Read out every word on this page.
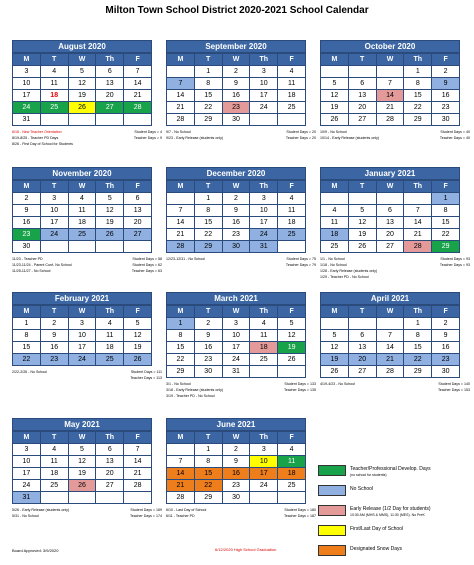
Milton Town School District 2020-2021 School Calendar
August 2020
M	T	W	Th	F
3	4	5	6	7
10	11	12	13	14
17	18	19	20	21
24	25	26	27	28
31				
8/18 - New Teacher Orientation	Student Days = 4
8/19-8/25 - Teacher PD Days	Teacher Days = 9
8/26 - First Day of School for Students
September 2020
M	T	W	Th	F
	1	2	3	4
7	8	9	10	11
14	15	16	17	18
21	22	23	24	25
28	29	30		
9/7 - No School	Student Days = 20
9/23 - Early Release (students only)	Teacher Days = 20
October 2020
M	T	W	Th	F
			1	2
5	6	7	8	9
12	13	14	15	16
19	20	21	22	23
26	27	28	29	30
10/9 - No School	Student Days = 40
10/14 - Early Release (students only)	Teacher Days = 40
November 2020
M	T	W	Th	F
2	3	4	5	6
9	10	11	12	13
16	17	18	19	20
23	24	25	26	27
30				
11/23 - Teacher PD	Student Days = 58
11/23-11/24 - Parent Conf- No School	Student Days = 62
11/25-11/27 - No School	Teacher Days = 63
December 2020
M	T	W	Th	F
	1	2	3	4
7	8	9	10	11
14	15	16	17	18
21	22	23	24	25
28	29	30	31	
12/23-12/31 - No School	Student Days = 75
Teacher Days = 79
January 2021
M	T	W	Th	F
				1
4	5	6	7	8
11	12	13	14	15
18	19	20	21	22
25	26	27	28	29
1/1 - No School	Student Days = 93
1/18 - No School	Teacher Days = 93
1/28 - Early Release (students only)
1/29 - Teacher PD - No School
February 2021
M	T	W	Th	F
1	2	3	4	5
8	9	10	11	12
15	16	17	18	19
22	23	24	25	26
2/22-2/26 - No School	Student Days = 111
Teacher Days = 113
March 2021
M	T	W	Th	F
1	2	3	4	5
8	9	10	11	12
15	16	17	18	19
22	23	24	25	26
29	30	31		
3/1 - No School	Student Days = 133
3/18 - Early Release (students only)	Teacher Days = 135
3/19 - Teacher PD - No School
April 2021
M	T	W	Th	F
			1	2
5	6	7	8	9
12	13	14	15	16
19	20	21	22	23
26	27	28	29	30
4/19-4/23 - No School	Student Days = 140
Teacher Days = 153
May 2021
M	T	W	Th	F
3	4	5	6	7
10	11	12	13	14
17	18	19	20	21
24	25	26	27	28
31				
5/26 - Early Release (students only)	Student Days = 169
5/31 - No School	Teacher Days = 174
June 2021
M	T	W	Th	F
	1	2	3	4
7	8	9	10	11
14	15	16	17	18
21	22	23	24	25
28	29	30		
6/10 - Last Day of School	Student Days = 180
6/11 - Teacher PD	Teacher Days = 187
Teacher/Professional Develop. Days
(no school for students)
No School
Early Release (1/2 Day for students)
10:30 AM (MHS & MMS), 11:30 (MES). No PreK
First/Last Day of School
Designated Snow Days
6/12/2020 High School Graduation
Board Approved: 3/9/2020
